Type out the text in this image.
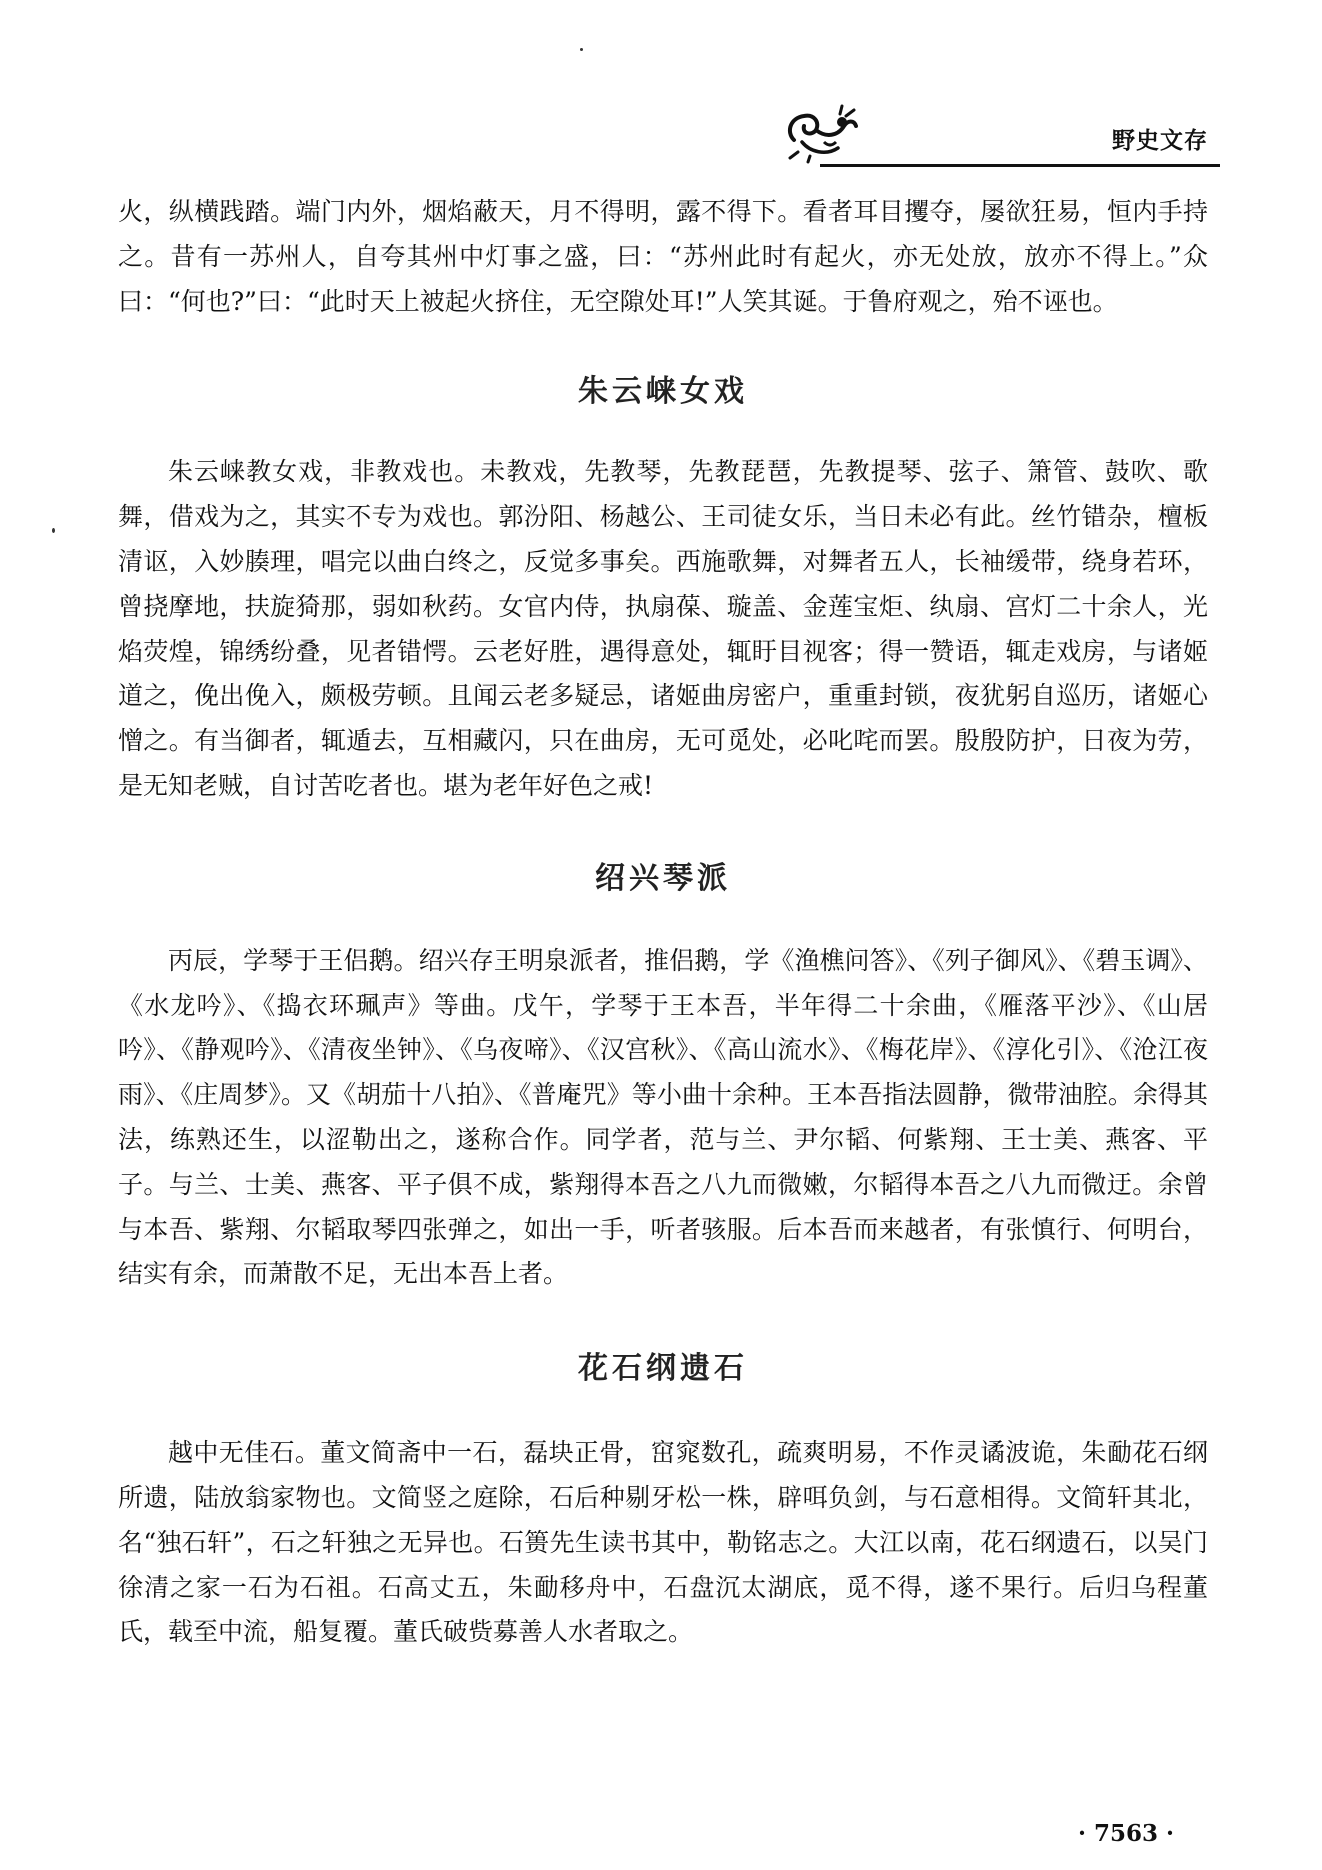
野史文存

火，纵横践踏。端门内外，烟焰蔽天，月不得明，露不得下。看者耳目攫夺，屡欲狂易，恒内手持之。昔有一苏州人，自夸其州中灯事之盛，曰：“苏州此时有起火，亦无处放，放亦不得上。”众曰：“何也?”曰：“此时天上被起火挤住，无空隙处耳!”人笑其诞。于鲁府观之，殆不诬也。

朱云崃女戏

朱云崃教女戏，非教戏也。未教戏，先教琴，先教琵琶，先教提琴、弦子、箫管、鼓吹、歌舞，借戏为之，其实不专为戏也。郭汾阳、杨越公、王司徒女乐，当日未必有此。丝竹错杂，檀板清讴，入妙腠理，唱完以曲白终之，反觉多事矣。西施歌舞，对舞者五人，长袖缓带，绕身若环，曾挠摩地，扶旋猗那，弱如秋药。女官内侍，执扇葆、璇盖、金莲宝炬、纨扇、宫灯二十余人，光焰荧煌，锦绣纷叠，见者错愕。云老好胜，遇得意处，辄盱目视客；得一赞语，辄走戏房，与诸姬道之，俛出俛入，颇极劳顿。且闻云老多疑忌，诸姬曲房密户，重重封锁，夜犹躬自巡历，诸姬心憎之。有当御者，辄遁去，互相藏闪，只在曲房，无可觅处，必叱咤而罢。殷殷防护，日夜为劳，是无知老贼，自讨苦吃者也。堪为老年好色之戒!

绍兴琴派

丙辰，学琴于王侣鹅。绍兴存王明泉派者，推侣鹅，学《渔樵问答》、《列子御风》、《碧玉调》、《水龙吟》、《捣衣环珮声》等曲。戊午，学琴于王本吾，半年得二十余曲，《雁落平沙》、《山居吟》、《静观吟》、《清夜坐钟》、《乌夜啼》、《汉宫秋》、《高山流水》、《梅花岸》、《淳化引》、《沧江夜雨》、《庄周梦》。又《胡茄十八拍》、《普庵咒》等小曲十余种。王本吾指法圆静，微带油腔。余得其法，练熟还生，以涩勒出之，遂称合作。同学者，范与兰、尹尔韬、何紫翔、王士美、燕客、平子。与兰、士美、燕客、平子俱不成，紫翔得本吾之八九而微嫩，尔韬得本吾之八九而微迂。余曾与本吾、紫翔、尔韬取琴四张弹之，如出一手，听者骇服。后本吾而来越者，有张慎行、何明台，结实有余，而萧散不足，无出本吾上者。

花石纲遗石

越中无佳石。董文简斋中一石，磊块正骨，窋窕数孔，疏爽明易，不作灵谲波诡，朱勔花石纲所遗，陆放翁家物也。文简竖之庭除，石后种剔牙松一株，辟咡负剑，与石意相得。文简轩其北，名“独石轩”，石之轩独之无异也。石篑先生读书其中，勒铭志之。大江以南，花石纲遗石，以吴门徐清之家一石为石祖。石高丈五，朱勔移舟中，石盘沉太湖底，觅不得，遂不果行。后归乌程董氏，载至中流，船复覆。董氏破赀募善人水者取之。

· 7563 ·
